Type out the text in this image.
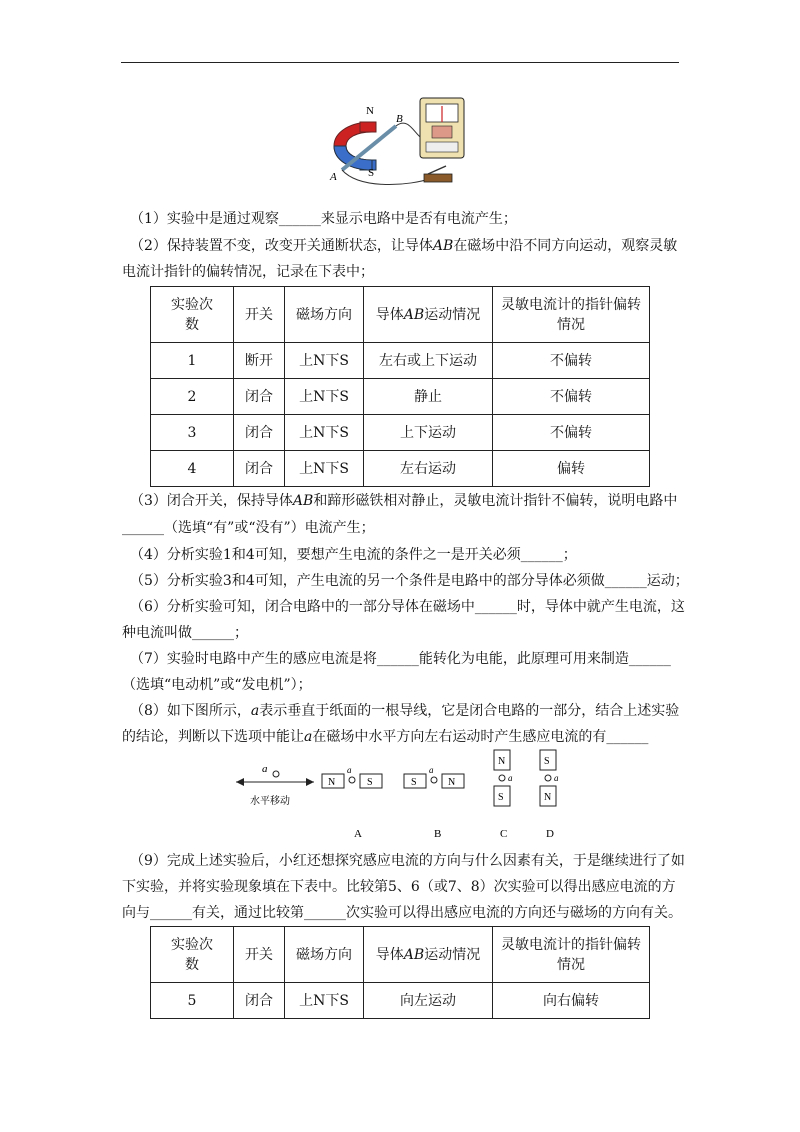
N
S
A
B
（1）实验中是通过观察______来显示电路中是否有电流产生；
（2）保持装置不变，改变开关通断状态，让导体AB在磁场中沿不同方向运动，观察灵敏
电流计指针的偏转情况，记录在下表中；
实验次
数	开关	磁场方向	导体AB运动情况	灵敏电流计的指针偏转情况
1	断开	上N下S	左右或上下运动	不偏转
2	闭合	上N下S	静止	不偏转
3	闭合	上N下S	上下运动	不偏转
4	闭合	上N下S	左右运动	偏转
（3）闭合开关，保持导体AB和蹄形磁铁相对静止，灵敏电流计指针不偏转，说明电路中
______（选填“有”或“没有”）电流产生；
（4）分析实验1和4可知，要想产生电流的条件之一是开关必须______；
（5）分析实验3和4可知，产生电流的另一个条件是电路中的部分导体必须做______运动；
（6）分析实验可知，闭合电路中的一部分导体在磁场中______时，导体中就产生电流，这
种电流叫做______；
（7）实验时电路中产生的感应电流是将______能转化为电能，此原理可用来制造______
（选填“电动机”或“发电机”）；
（8）如下图所示，a表示垂直于纸面的一根导线，它是闭合电路的一部分，结合上述实验
的结论，判断以下选项中能让a在磁场中水平方向左右运动时产生感应电流的有______
a
水平移动
N
a
S	S
a
N
N
a
S
S
a
N
A	B	C	D
（9）完成上述实验后，小红还想探究感应电流的方向与什么因素有关，于是继续进行了如
下实验，并将实验现象填在下表中。比较第5、6（或7、8）次实验可以得出感应电流的方
向与______有关，通过比较第______次实验可以得出感应电流的方向还与磁场的方向有关。
实验次
数	开关	磁场方向	导体AB运动情况	灵敏电流计的指针偏转情况
5	闭合	上N下S	向左运动	向右偏转
